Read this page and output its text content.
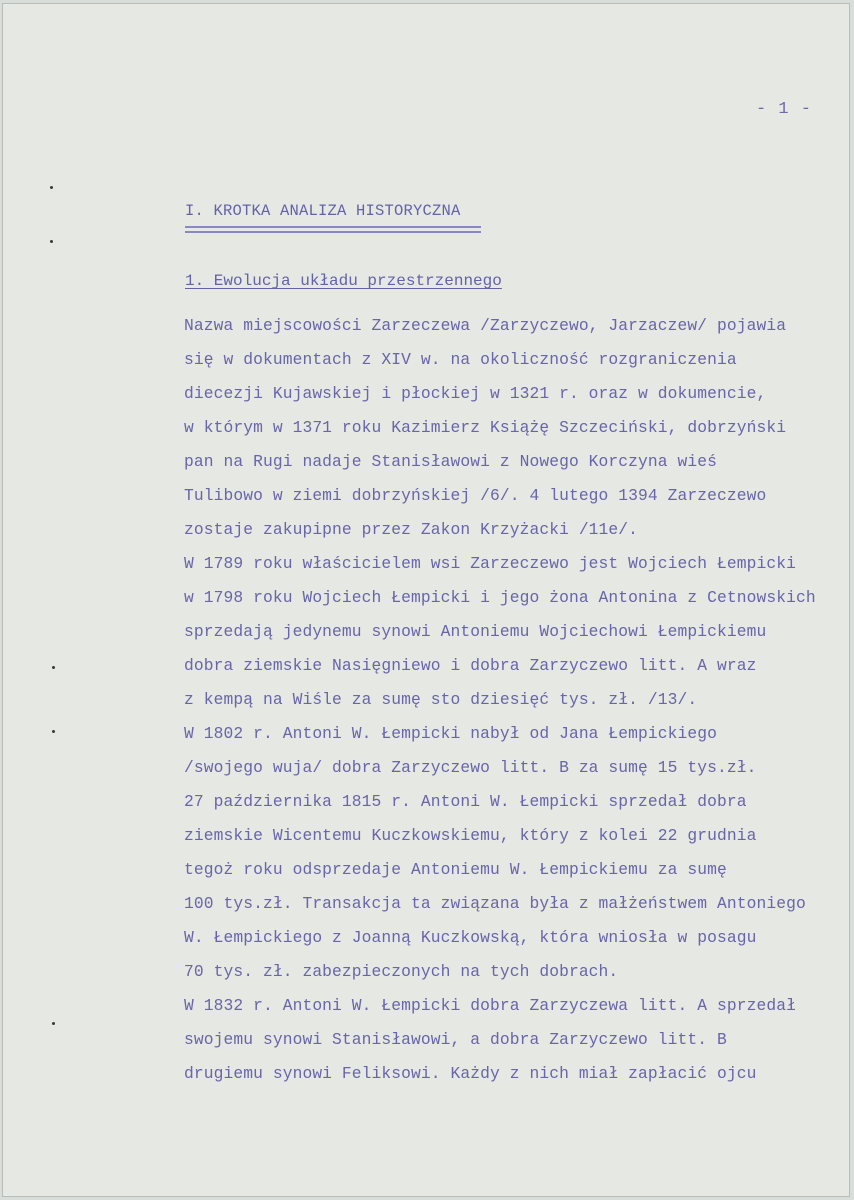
- 1 -
I. KROTKA ANALIZA HISTORYCZNA
1. Ewolucja układu przestrzennego
Nazwa miejscowości Zarzeczewa /Zarzyczewo, Jarzaczew/ pojawia
się w dokumentach z XIV w. na okoliczność rozgraniczenia
diecezji Kujawskiej i płockiej w 1321 r. oraz w dokumencie,
w którym w 1371 roku Kazimierz Książę Szczeciński, dobrzyński
pan na Rugi nadaje Stanisławowi z Nowego Korczyna wieś
Tulibowo w ziemi dobrzyńskiej /6/. 4 lutego 1394 Zarzeczewo
zostaje zakupipne przez Zakon Krzyżacki /11e/.
W 1789 roku właścicielem wsi Zarzeczewo jest Wojciech Łempicki
w 1798 roku Wojciech Łempicki i jego żona Antonina z Cetnowskich
sprzedają jedynemu synowi Antoniemu Wojciechowi Łempickiemu
dobra ziemskie Nasięgniewo i dobra Zarzyczewo litt. A wraz
z kempą na Wiśle za sumę sto dziesięć tys. zł. /13/.
W 1802 r. Antoni W. Łempicki nabył od Jana Łempickiego
/swojego wuja/ dobra Zarzyczewo litt. B za sumę 15 tys.zł.
27 października 1815 r. Antoni W. Łempicki sprzedał dobra
ziemskie Wicentemu Kuczkowskiemu, który z kolei 22 grudnia
tegoż roku odsprzedaje Antoniemu W. Łempickiemu za sumę
100 tys.zł. Transakcja ta związana była z małżeństwem Antoniego
W. Łempickiego z Joanną Kuczkowską, która wniosła w posagu
70 tys. zł. zabezpieczonych na tych dobrach.
W 1832 r. Antoni W. Łempicki dobra Zarzyczewa litt. A sprzedał
swojemu synowi Stanisławowi, a dobra Zarzyczewo litt. B
drugiemu synowi Feliksowi. Każdy z nich miał zapłacić ojcu
